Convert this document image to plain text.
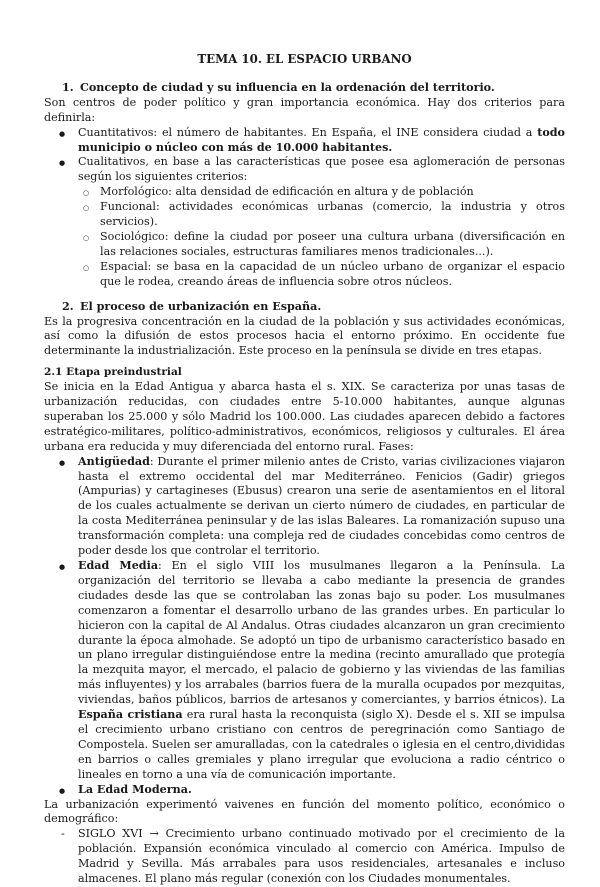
TEMA 10. EL ESPACIO URBANO
1. Concepto de ciudad y su influencia en la ordenación del territorio.

Son centros de poder político y gran importancia económica. Hay dos criterios para definirla:

● Cuantitativos: el número de habitantes. En España, el INE considera ciudad a todo municipio o núcleo con más de 10.000 habitantes.
● Cualitativos, en base a las características que posee esa aglomeración de personas según los siguientes criterios:
○ Morfológico: alta densidad de edificación en altura y de población
○ Funcional: actividades económicas urbanas (comercio, la industria y otros servicios).
○ Sociológico: define la ciudad por poseer una cultura urbana (diversificación en las relaciones sociales, estructuras familiares menos tradicionales...).
○ Espacial: se basa en la capacidad de un núcleo urbano de organizar el espacio que le rodea, creando áreas de influencia sobre otros núcleos.
2. El proceso de urbanización en España.

Es la progresiva concentración en la ciudad de la población y sus actividades económicas, así como la difusión de estos procesos hacia el entorno próximo. En occidente fue determinante la industrialización. Este proceso en la península se divide en tres etapas.

2.1 Etapa preindustrial

Se inicia en la Edad Antigua y abarca hasta el s. XIX. Se caracteriza por unas tasas de urbanización reducidas, con ciudades entre 5-10.000 habitantes, aunque algunas superaban los 25.000 y sólo Madrid los 100.000. Las ciudades aparecen debido a factores estratégico-militares, político-administrativos, económicos, religiosos y culturales. El área urbana era reducida y muy diferenciada del entorno rural. Fases:

● Antigüedad: Durante el primer milenio antes de Cristo, varias civilizaciones viajaron hasta el extremo occidental del mar Mediterráneo. Fenicios (Gadir) griegos (Ampurias) y cartagineses (Ebusus) crearon una serie de asentamientos en el litoral de los cuales actualmente se derivan un cierto número de ciudades, en particular de la costa Mediterránea peninsular y de las islas Baleares. La romanización supuso una transformación completa: una compleja red de ciudades concebidas como centros de poder desde los que controlar el territorio.
● Edad Media: En el siglo VIII los musulmanes llegaron a la Península. La organización del territorio se llevaba a cabo mediante la presencia de grandes ciudades desde las que se controlaban las zonas bajo su poder. Los musulmanes comenzaron a fomentar el desarrollo urbano de las grandes urbes. En particular lo hicieron con la capital de Al Andalus. Otras ciudades alcanzaron un gran crecimiento durante la época almohade. Se adoptó un tipo de urbanismo característico basado en un plano irregular distinguiéndose entre la medina (recinto amurallado que protegía la mezquita mayor, el mercado, el palacio de gobierno y las viviendas de las familias más influyentes) y los arrabales (barrios fuera de la muralla ocupados por mezquitas, viviendas, baños públicos, barrios de artesanos y comerciantes, y barrios étnicos). La España cristiana era rural hasta la reconquista (siglo X). Desde el s. XII se impulsa el crecimiento urbano cristiano con centros de peregrinación como Santiago de Compostela. Suelen ser amuralladas, con la catedrales o iglesia en el centro,divididas en barrios o calles gremiales y plano irregular que evoluciona a radio céntrico o lineales en torno a una vía de comunicación importante.
● La Edad Moderna.

La urbanización experimentó vaivenes en función del momento político, económico o demográfico:

- SIGLO XVI → Crecimiento urbano continuado motivado por el crecimiento de la población. Expansión económica vinculado al comercio con América. Impulso de Madrid y Sevilla. Más arrabales para usos residenciales, artesanales e incluso almacenes. El plano más regular (conexión con los Ciudades monumentales.
